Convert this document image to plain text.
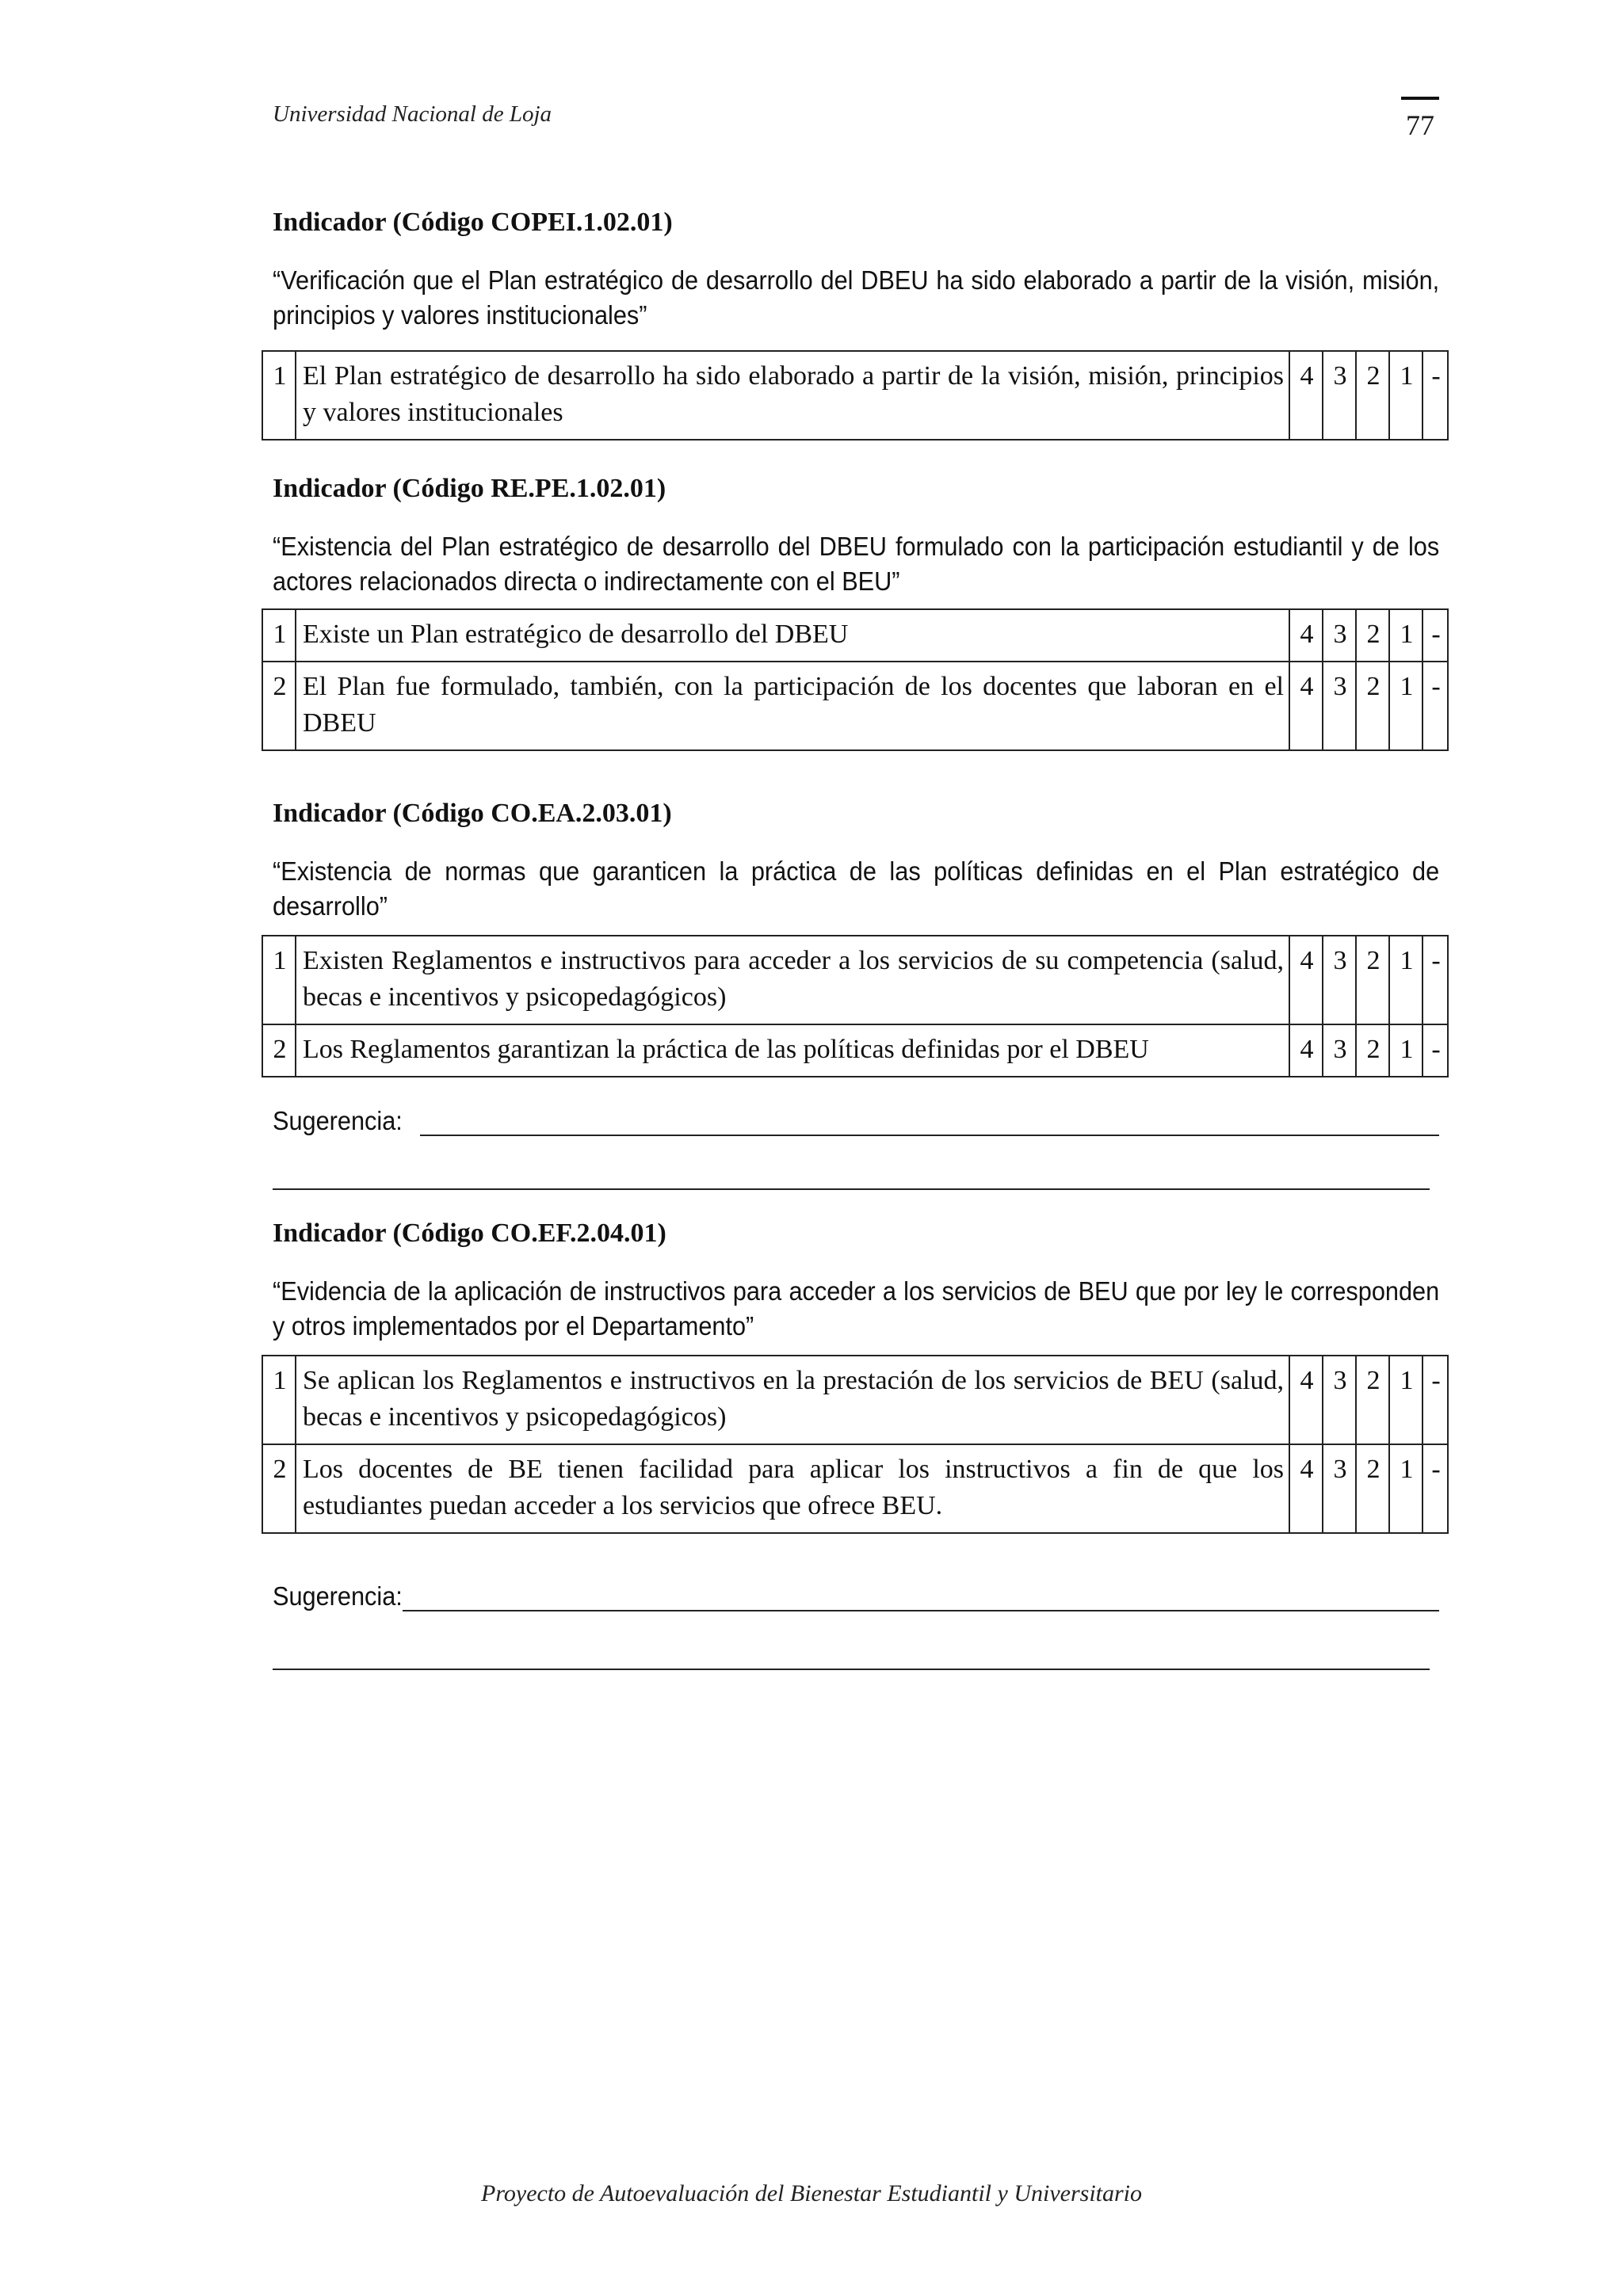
Universidad Nacional de Loja	77
Indicador (Código COPEI.1.02.01)
“Verificación que el Plan estratégico de desarrollo del DBEU ha sido elaborado a partir de la visión, misión, principios y valores institucionales”
1	El Plan estratégico de desarrollo ha sido elaborado a partir de la visión, misión, principios y valores institucionales	4	3	2	1	-
Indicador (Código RE.PE.1.02.01)
“Existencia del Plan estratégico de desarrollo del DBEU formulado con la participación estudiantil y de los actores relacionados directa o indirectamente con el BEU”
1	Existe un Plan estratégico de desarrollo del DBEU	4	3	2	1	-
2	El Plan fue formulado, también, con la participación de los docentes que laboran en el DBEU	4	3	2	1	-
Indicador (Código CO.EA.2.03.01)
“Existencia de normas que garanticen la práctica de las políticas definidas en el Plan estratégico de desarrollo”
1	Existen Reglamentos e instructivos para acceder a los servicios de su competencia (salud, becas e incentivos y psicopedagógicos)	4	3	2	1	-
2	Los Reglamentos garantizan la práctica de las políticas definidas por el DBEU	4	3	2	1	-
Sugerencia:
Indicador (Código CO.EF.2.04.01)
“Evidencia de la aplicación de instructivos para acceder a los servicios de BEU que por ley le corresponden y otros implementados por el Departamento”
1	Se aplican los Reglamentos e instructivos en la prestación de los servicios de BEU (salud, becas e incentivos y psicopedagógicos)	4	3	2	1	-
2	Los docentes de BE tienen facilidad para aplicar los instructivos a fin de que los estudiantes puedan acceder a los servicios que ofrece BEU.	4	3	2	1	-
Sugerencia:
Proyecto de Autoevaluación del Bienestar Estudiantil y Universitario
